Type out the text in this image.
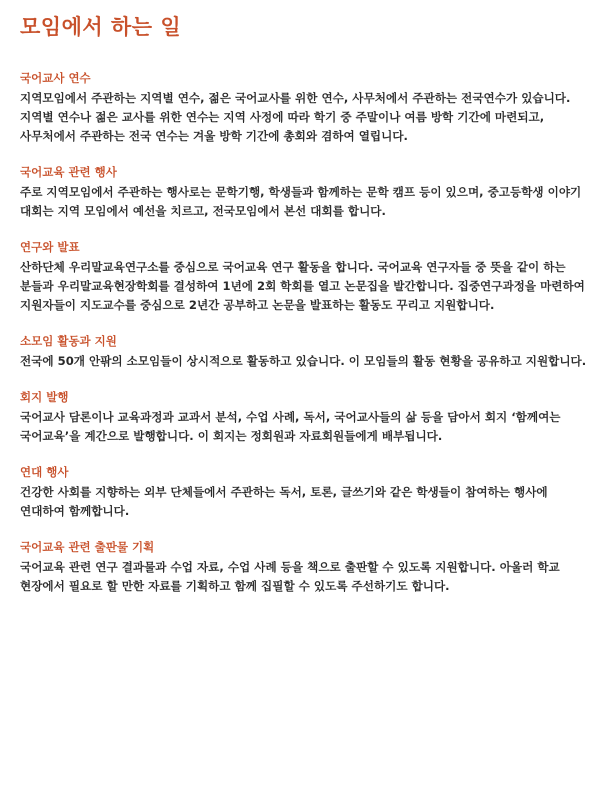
모임에서 하는 일
국어교사 연수

지역모임에서 주관하는 지역별 연수, 젊은 국어교사를 위한 연수, 사무처에서 주관하는 전국연수가 있습니다. 지역별 연수나 젊은 교사를 위한 연수는 지역 사정에 따라 학기 중 주말이나 여름 방학 기간에 마련되고, 사무처에서 주관하는 전국 연수는 겨울 방학 기간에 총회와 겸하여 열립니다.

국어교육 관련 행사

주로 지역모임에서 주관하는 행사로는 문학기행, 학생들과 함께하는 문학 캠프 등이 있으며, 중고등학생 이야기 대회는 지역 모임에서 예선을 치르고, 전국모임에서 본선 대회를 합니다.

연구와 발표

산하단체 우리말교육연구소를 중심으로 국어교육 연구 활동을 합니다. 국어교육 연구자들 중 뜻을 같이 하는 분들과 우리말교육현장학회를 결성하여 1년에 2회 학회를 열고 논문집을 발간합니다. 집중연구과정을 마련하여 지원자들이 지도교수를 중심으로 2년간 공부하고 논문을 발표하는 활동도 꾸리고 지원합니다.

소모임 활동과 지원

전국에 50개 안팎의 소모임들이 상시적으로 활동하고 있습니다. 이 모임들의 활동 현황을 공유하고 지원합니다.

회지 발행

국어교사 담론이나 교육과정과 교과서 분석, 수업 사례, 독서, 국어교사들의 삶 등을 담아서 회지 ‘함께여는 국어교육’을 계간으로 발행합니다. 이 회지는 정회원과 자료회원들에게 배부됩니다.

연대 행사

건강한 사회를 지향하는 외부 단체들에서 주관하는 독서, 토론, 글쓰기와 같은 학생들이 참여하는 행사에 연대하여 함께합니다.

국어교육 관련 출판물 기획

국어교육 관련 연구 결과물과 수업 자료, 수업 사례 등을 책으로 출판할 수 있도록 지원합니다. 아울러 학교 현장에서 필요로 할 만한 자료를 기획하고 함께 집필할 수 있도록 주선하기도 합니다.
